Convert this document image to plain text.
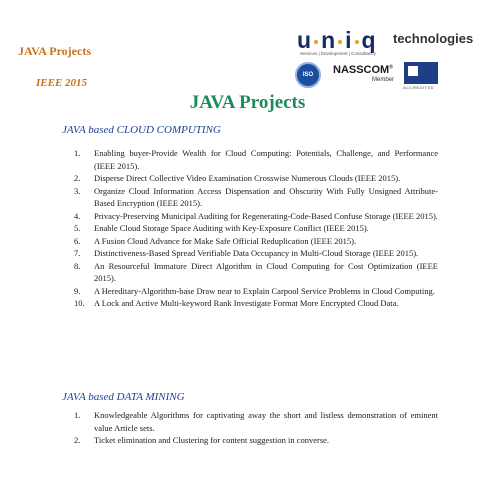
JAVA Projects
IEEE 2015
u n i q technologies
Services | Development | Consultancy
ISO	NASSCOM®
Member
ACCREDITED
JAVA Projects
JAVA based CLOUD COMPUTING
1. Enabling buyer-Provide Wealth for Cloud Computing: Potentials, Challenge, and Performance (IEEE 2015).
2. Disperse Direct Collective Video Examination Crosswise Numerous Clouds (IEEE 2015).
3. Organize Cloud Information Access Dispensation and Obscurity With Fully Unsigned Attribute-Based Encryption (IEEE 2015).
4. Privacy-Preserving Municipal Auditing for Regenerating-Code-Based Confuse Storage (IEEE 2015).
5. Enable Cloud Storage Space Auditing with Key-Exposure Conflict (IEEE 2015).
6. A Fusion Cloud Advance for Make Safe Official Reduplication (IEEE 2015).
7. Distinctiveness-Based Spread Verifiable Data Occupancy in Multi-Cloud Storage (IEEE 2015).
8. An Resourceful Immature Direct Algorithm in Cloud Computing for Cost Optimization (IEEE 2015).
9. A Hereditary-Algorithm-base Draw near to Explain Carpool Service Problems in Cloud Computing.
10. A Lock and Active Multi-keyword Rank Investigate Format More Encrypted Cloud Data.
JAVA based DATA MINING
1. Knowledgeable Algorithms for captivating away the short and listless demonstration of eminent value Article sets.
2. Ticket elimination and Clustering for content suggestion in converse.
